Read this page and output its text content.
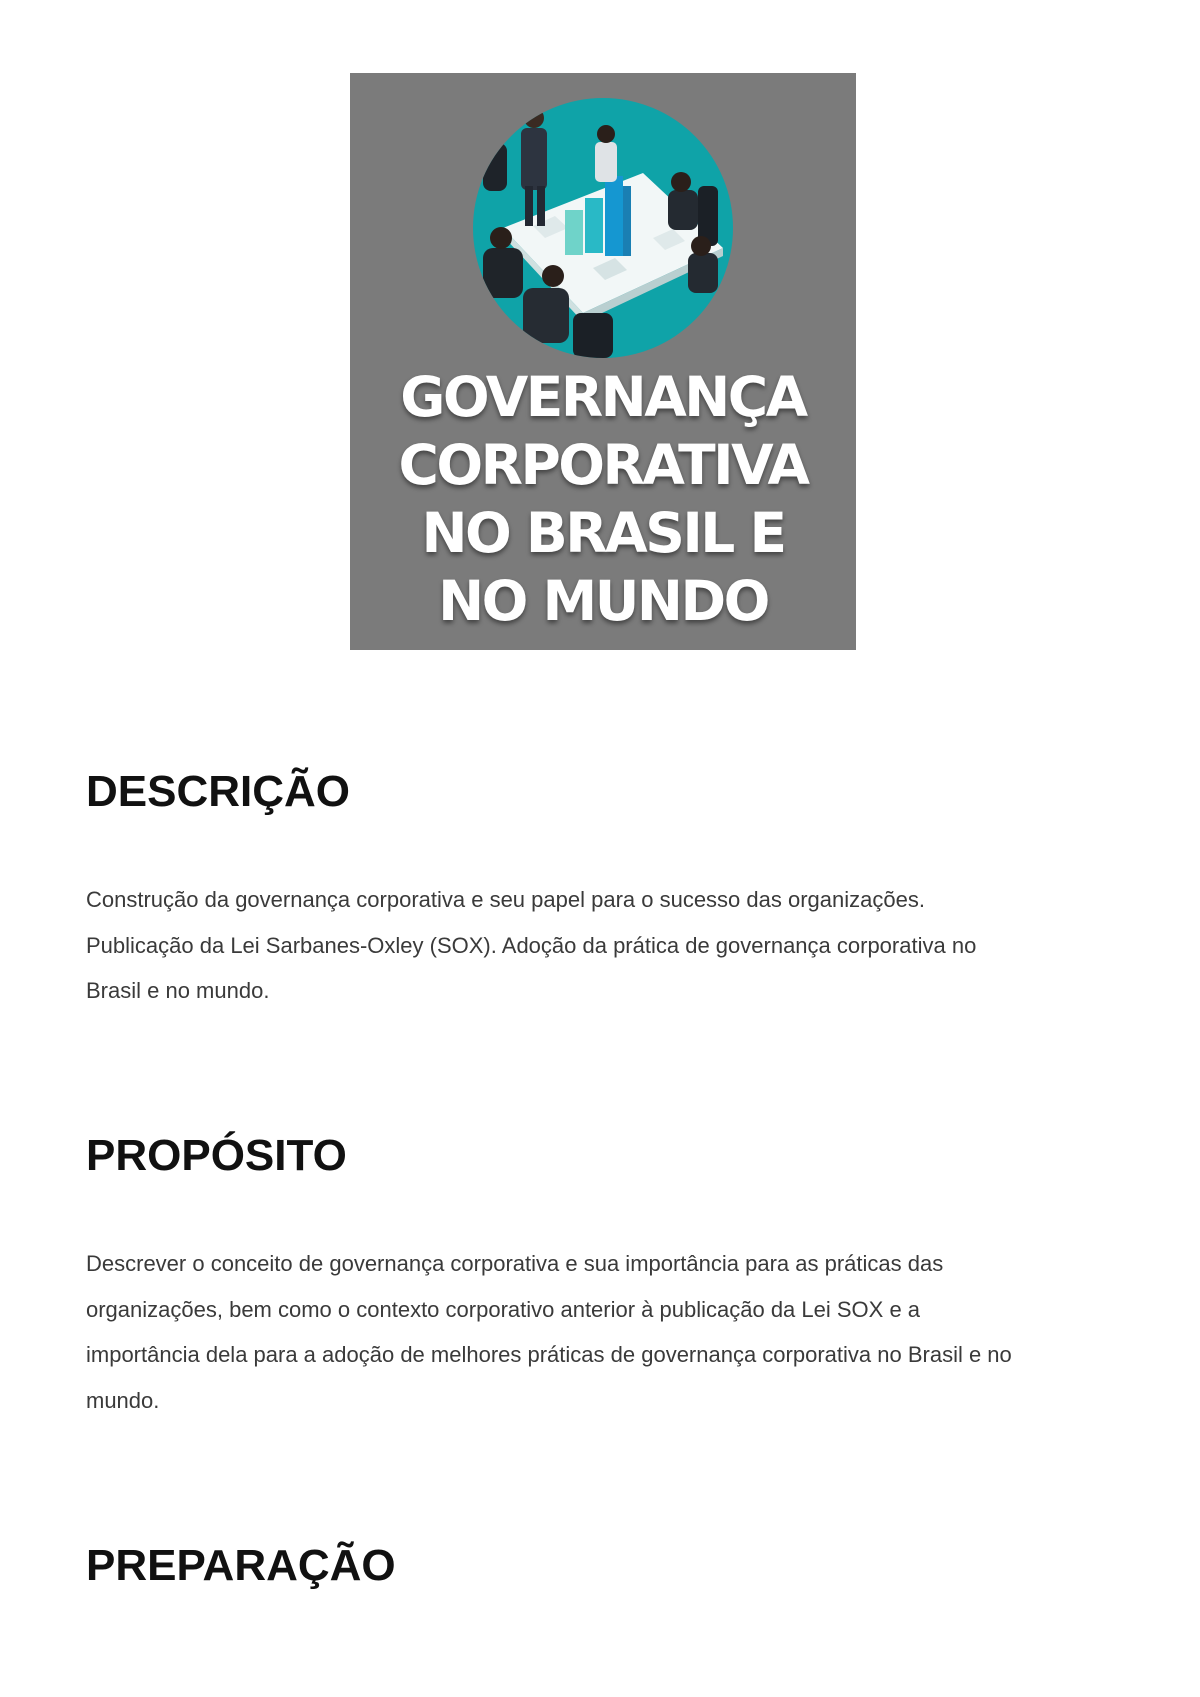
GOVERNANÇA
CORPORATIVA
NO BRASIL E
NO MUNDO
DESCRIÇÃO

Construção da governança corporativa e seu papel para o sucesso das organizações.
Publicação da Lei Sarbanes-Oxley (SOX). Adoção da prática de governança corporativa no
Brasil e no mundo.

PROPÓSITO

Descrever o conceito de governança corporativa e sua importância para as práticas das
organizações, bem como o contexto corporativo anterior à publicação da Lei SOX e a
importância dela para a adoção de melhores práticas de governança corporativa no Brasil e no
mundo.

PREPARAÇÃO
